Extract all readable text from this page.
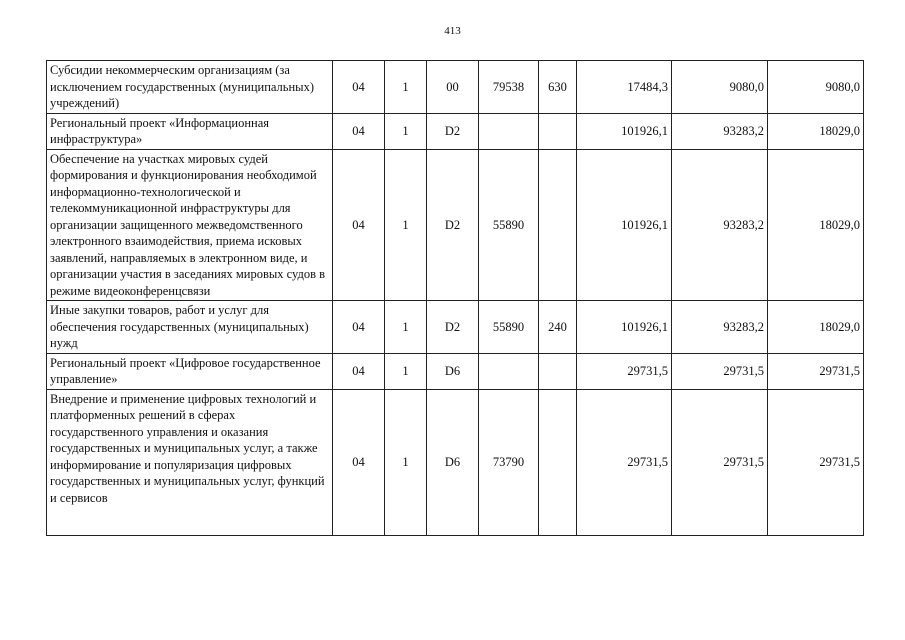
413
Субсидии некоммерческим организациям (за исключением государственных (муниципальных) учреждений)	04	1	00	79538	630	17484,3	9080,0	9080,0
Региональный проект «Информационная инфраструктура»	04	1	D2			101926,1	93283,2	18029,0
Обеспечение на участках мировых судей формирования и функционирования необходимой информационно-технологической и телекоммуникационной инфраструктуры для организации защищенного межведомственного электронного взаимодействия, приема исковых заявлений, направляемых в электронном виде, и организации участия в заседаниях мировых судов в режиме видеоконференцсвязи	04	1	D2	55890		101926,1	93283,2	18029,0
Иные закупки товаров, работ и услуг для обеспечения государственных (муниципальных) нужд	04	1	D2	55890	240	101926,1	93283,2	18029,0
Региональный проект «Цифровое государственное управление»	04	1	D6			29731,5	29731,5	29731,5
Внедрение и применение цифровых технологий и платформенных решений в сферах государственного управления и оказания государственных и муниципальных услуг, а также информирование и популяризация цифровых государственных и муниципальных услуг, функций и сервисов	04	1	D6	73790		29731,5	29731,5	29731,5
